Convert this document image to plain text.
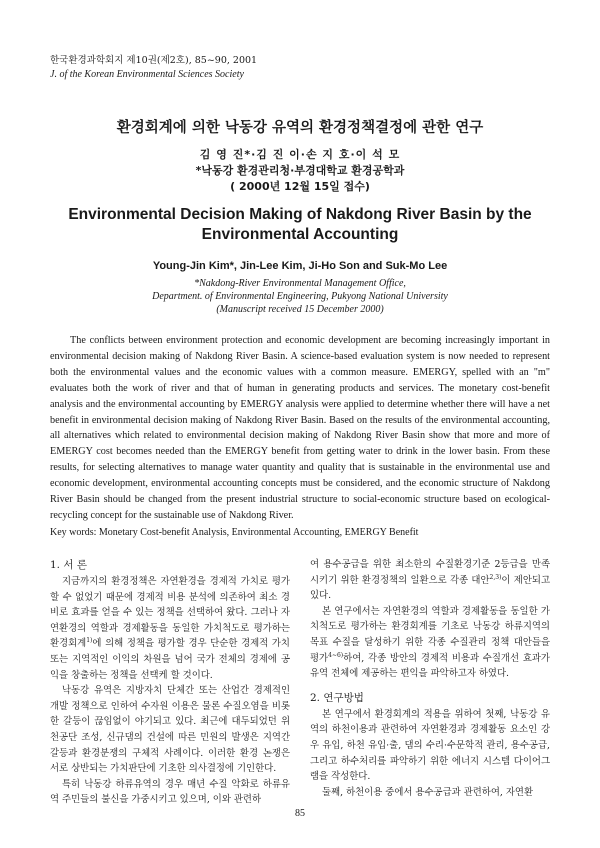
한국환경과학회지 제10권(제2호), 85~90, 2001
J. of the Korean Environmental Sciences Society
환경회계에 의한 낙동강 유역의 환경정책결정에 관한 연구
김 영 진*·김 진 이·손 지 호·이 석 모
*낙동강 환경관리청·부경대학교 환경공학과
( 2000년 12월 15일 접수)
Environmental Decision Making of Nakdong River Basin by the Environmental Accounting
Young-Jin Kim*, Jin-Lee Kim, Ji-Ho Son and Suk-Mo Lee
*Nakdong-River Environmental Management Office,
Department. of Environmental Engineering, Pukyong National University
(Manuscript received 15 December 2000)
The conflicts between environment protection and economic development are becoming increasingly important in environmental decision making of Nakdong River Basin. A science-based evaluation system is now needed to represent both the environmental values and the economic values with a common measure. EMERGY, spelled with an "m" evaluates both the work of river and that of human in generating products and services. The monetary cost-benefit analysis and the environmental accounting by EMERGY analysis were applied to determine whether there will have a net benefit in environmental decision making of Nakdong River Basin. Based on the results of the environmental accounting, all alternatives which related to environmental decision making of Nakdong River Basin show that more and more of EMERGY cost becomes needed than the EMERGY benefit from getting water to drink in the lower basin. From these results, for selecting alternatives to manage water quantity and quality that is sustainable in the environmental use and economic development, environmental accounting concepts must be considered, and the economic structure of Nakdong River Basin should be changed from the present industrial structure to social-economic structure based on ecological-recycling concept for the sustainable use of Nakdong River.
Key words: Monetary Cost-benefit Analysis, Environmental Accounting, EMERGY Benefit
1. 서 론

지금까지의 환경정책은 자연환경을 경제적 가치로 평가할 수 없었기 때문에 경제적 비용 분석에 의존하여 최소 경비로 효과를 얻을 수 있는 정책을 선택하여 왔다. 그러나 자연환경의 역할과 경제활동을 동일한 가치척도로 평가하는 환경회계$^{1)}$에 의해 정책을 평가할 경우 단순한 경제적 가치 또는 지역적인 이익의 차원을 넘어 국가 전체의 경제에 공익을 창출하는 정책을 선택케 할 것이다.

낙동강 유역은 지방자치 단체간 또는 산업간 경제적인 개발 정책으로 인하여 수자원 이용은 물론 수질오염을 비롯한 갈등이 끊임없이 야기되고 있다. 최근에 대두되었던 위천공단 조성, 신규댐의 건설에 따른 민원의 발생은 지역간 갈등과 환경분쟁의 구체적 사례이다. 이러한 환경 논쟁은 서로 상반되는 가치판단에 기초한 의사결정에 기인한다.

특히 낙동강 하류유역의 경우 매년 수질 악화로 하류유역 주민들의 불신을 가중시키고 있으며, 이와 관련하

여 용수공급을 위한 최소한의 수질환경기준 2등급을 만족시키기 위한 환경정책의 일환으로 각종 대안$^{2,3)}$이 제안되고 있다.

본 연구에서는 자연환경의 역할과 경제활동을 동일한 가치척도로 평가하는 환경회계를 기초로 낙동강 하류지역의 목표 수질을 달성하기 위한 각종 수질관리 정책 대안들을 평가$^{4\sim 6)}$하여, 각종 방안의 경제적 비용과 수질개선 효과가 유역 전체에 제공하는 편익을 파악하고자 하였다.

2. 연구방법

본 연구에서 환경회계의 적용을 위하여 첫째, 낙동강 유역의 하천이용과 관련하여 자연환경과 경제활동 요소인 강우 유입, 하천 유입·출, 댐의 수리·수문학적 관리, 용수공급, 그리고 하수처리를 파악하기 위한 에너지 시스템 다이어그램을 작성한다.

둘째, 하천이용 중에서 용수공급과 관련하여, 자연환

85
